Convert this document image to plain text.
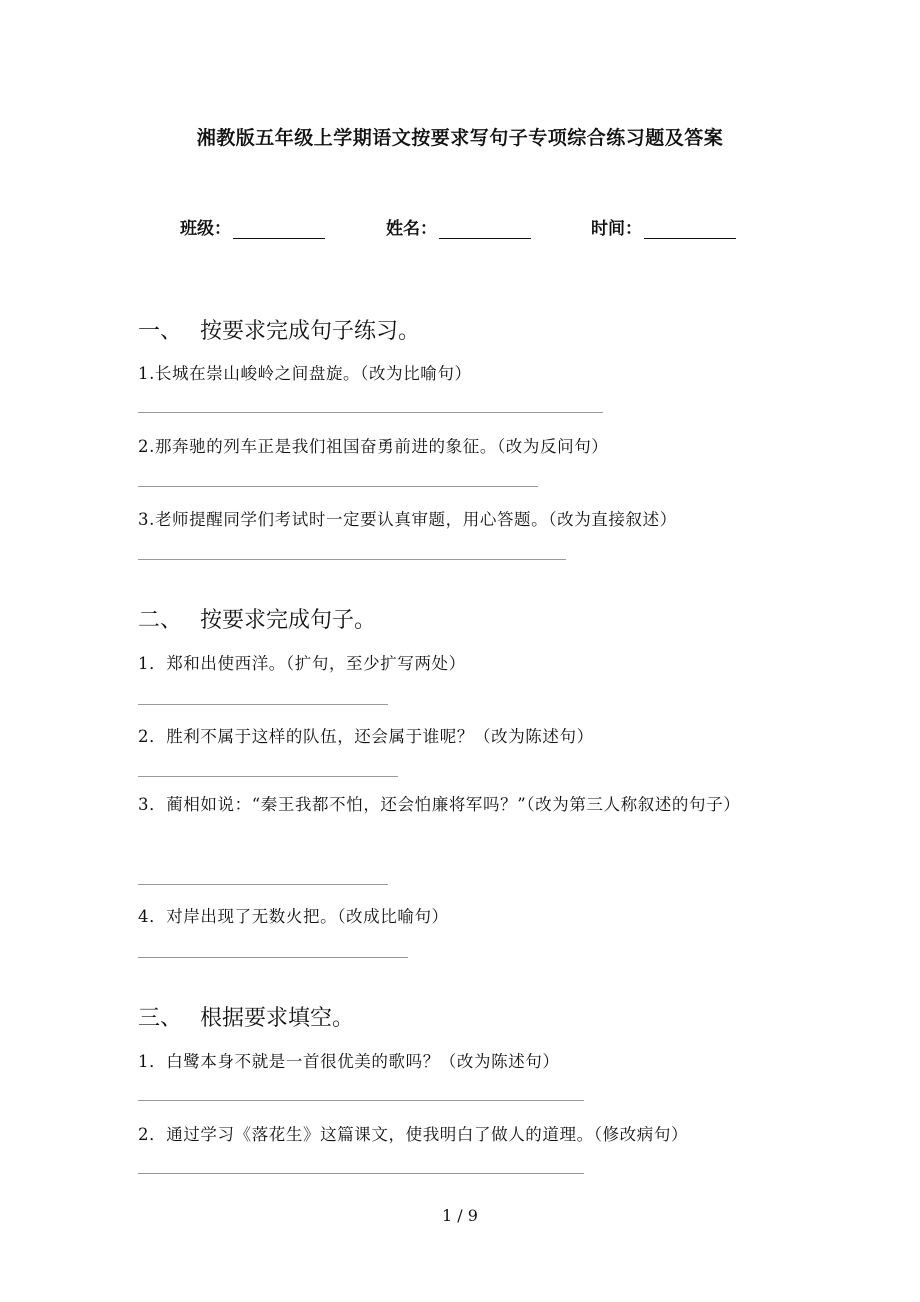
湘教版五年级上学期语文按要求写句子专项综合练习题及答案
班级：	姓名：	时间：
一、 按要求完成句子练习。
1.长城在崇山峻岭之间盘旋。（改为比喻句）
2.那奔驰的列车正是我们祖国奋勇前进的象征。（改为反问句）
3.老师提醒同学们考试时一定要认真审题，用心答题。（改为直接叙述）
二、 按要求完成句子。
1．郑和出使西洋。（扩句，至少扩写两处）
2．胜利不属于这样的队伍，还会属于谁呢？（改为陈述句）
3．蔺相如说：“秦王我都不怕，还会怕廉将军吗？”（改为第三人称叙述的句子）
4．对岸出现了无数火把。（改成比喻句）
三、 根据要求填空。
1．白鹭本身不就是一首很优美的歌吗？（改为陈述句）
2．通过学习《落花生》这篇课文，使我明白了做人的道理。（修改病句）
1 / 9
